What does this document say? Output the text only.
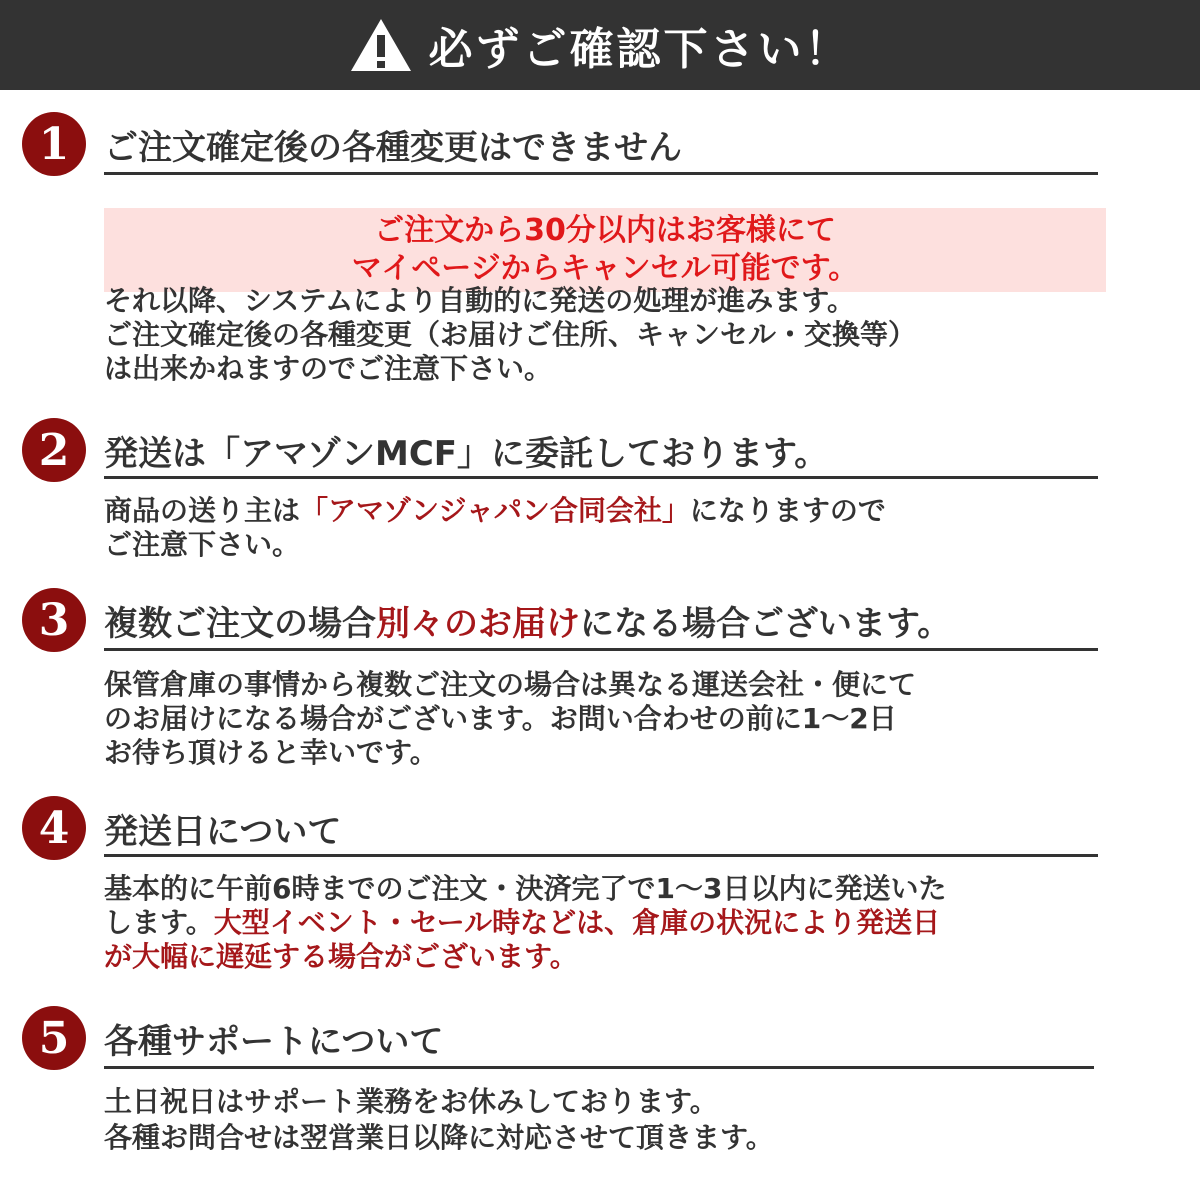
必ずご確認下さい！
1	ご注文確定後の各種変更はできません
ご注文から30分以内はお客様にて
マイページからキャンセル可能です。
それ以降、システムにより自動的に発送の処理が進みます。
ご注文確定後の各種変更（お届けご住所、キャンセル・交換等）
は出来かねますのでご注意下さい。
2	発送は「アマゾンMCF」に委託しております。
商品の送り主は「アマゾンジャパン合同会社」になりますので
ご注意下さい。
3	複数ご注文の場合別々のお届けになる場合ございます。
保管倉庫の事情から複数ご注文の場合は異なる運送会社・便にて
のお届けになる場合がございます。お問い合わせの前に1〜2日
お待ち頂けると幸いです。
4	発送日について
基本的に午前6時までのご注文・決済完了で1〜3日以内に発送いた
します。大型イベント・セール時などは、倉庫の状況により発送日
が大幅に遅延する場合がございます。
5	各種サポートについて
土日祝日はサポート業務をお休みしております。
各種お問合せは翌営業日以降に対応させて頂きます。
